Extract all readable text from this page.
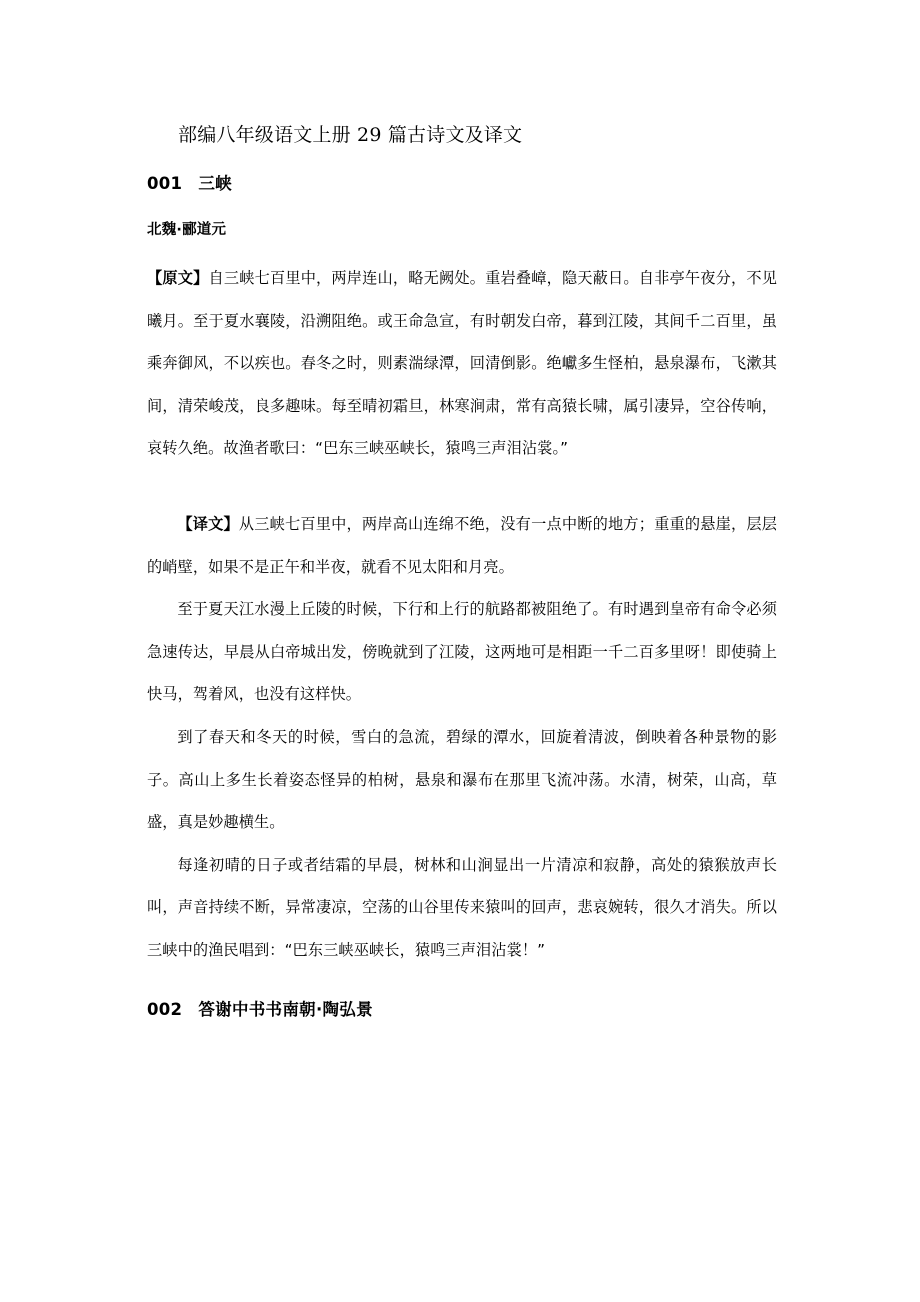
部编八年级语文上册 29 篇古诗文及译文
001 三峡
北魏·郦道元

【原文】自三峡七百里中，两岸连山，略无阙处。重岩叠嶂，隐天蔽日。自非亭午夜分，不见曦月。至于夏水襄陵，沿溯阻绝。或王命急宣，有时朝发白帝，暮到江陵，其间千二百里，虽乘奔御风，不以疾也。春冬之时，则素湍绿潭，回清倒影。绝巘多生怪柏，悬泉瀑布，飞漱其间，清荣峻茂，良多趣味。每至晴初霜旦，林寒涧肃，常有高猿长啸，属引凄异，空谷传响，哀转久绝。故渔者歌曰：“巴东三峡巫峡长，猿鸣三声泪沾裳。”

【译文】从三峡七百里中，两岸高山连绵不绝，没有一点中断的地方；重重的悬崖，层层的峭壁，如果不是正午和半夜，就看不见太阳和月亮。

至于夏天江水漫上丘陵的时候，下行和上行的航路都被阻绝了。有时遇到皇帝有命令必须急速传达，早晨从白帝城出发，傍晚就到了江陵，这两地可是相距一千二百多里呀！即使骑上快马，驾着风，也没有这样快。

到了春天和冬天的时候，雪白的急流，碧绿的潭水，回旋着清波，倒映着各种景物的影子。高山上多生长着姿态怪异的柏树，悬泉和瀑布在那里飞流冲荡。水清，树荣，山高，草盛，真是妙趣横生。

每逢初晴的日子或者结霜的早晨，树林和山涧显出一片清凉和寂静，高处的猿猴放声长叫，声音持续不断，异常凄凉，空荡的山谷里传来猿叫的回声，悲哀婉转，很久才消失。所以三峡中的渔民唱到：“巴东三峡巫峡长，猿鸣三声泪沾裳！”

002 答谢中书书南朝·陶弘景
